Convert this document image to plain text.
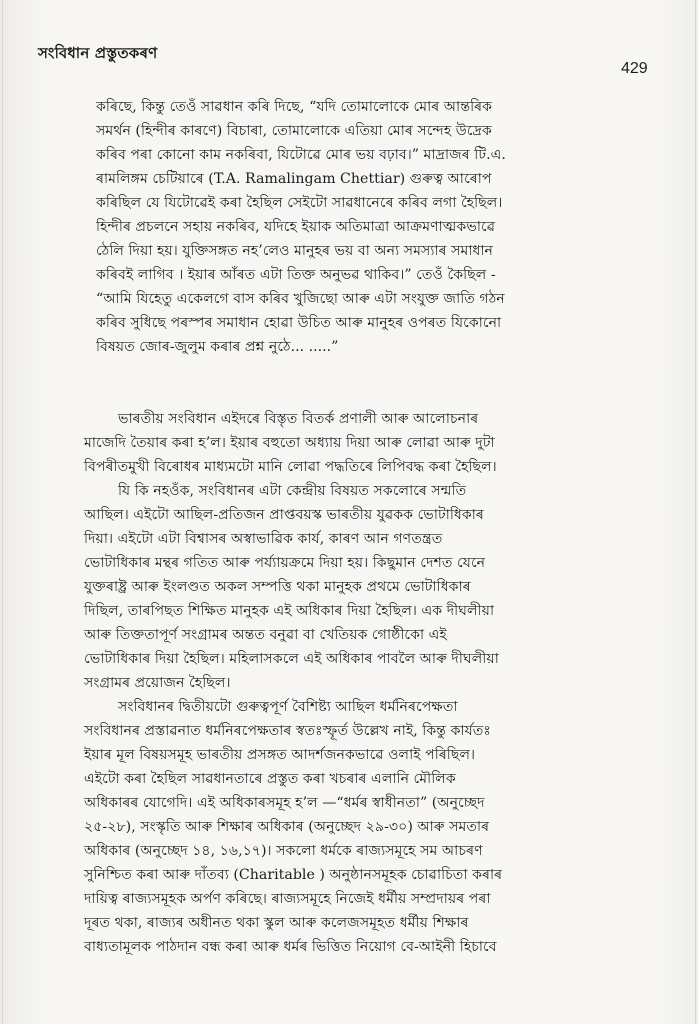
সংবিধান প্ৰস্তুতকৰণ
429
কৰিছে, কিন্তু তেওঁ সাৱধান কৰি দিছে, “যদি তোমালোকে মোৰ আন্তৰিক
সমৰ্থন (হিন্দীৰ কাৰণে) বিচাৰা, তোমালোকে এতিয়া মোৰ সন্দেহ উদ্ৰেক
কৰিব পৰা কোনো কাম নকৰিবা, যিটোৱে মোৰ ভয় বঢ়াব।” মাদ্ৰাজৰ টি.এ.
ৰামলিঙ্গম চেটিয়াৰে (T.A. Ramalingam Chettiar) গুৰুত্ব আৰোপ
কৰিছিল যে যিটোৱেই কৰা হৈছিল সেইটো সাৱধানেৰে কৰিব লগা হৈছিল।
হিন্দীৰ প্ৰচলনে সহায় নকৰিব, যদিহে ইয়াক অতিমাত্ৰা আক্ৰমণাত্মকভাৱে
ঠেলি দিয়া হয়। যুক্তিসঙ্গত নহ’লেও মানুহৰ ভয় বা অন্য সমস্যাৰ সমাধান
কৰিবই লাগিব । ইয়াৰ আঁৰত এটা তিক্ত অনুভৱ থাকিব।” তেওঁ কৈছিল -
“আমি যিহেতু একেলগে বাস কৰিব খুজিছো আৰু এটা সংযুক্ত জাতি গঠন
কৰিব সুধিছে পৰস্পৰ সমাধান হোৱা উচিত আৰু মানুহৰ ওপৰত যিকোনো
বিষয়ত জোৰ-জুলুম কৰাৰ প্ৰশ্ন নুঠে... .....”
ভাৰতীয় সংবিধান এইদৰে বিস্তৃত বিতৰ্ক প্ৰণালী আৰু আলোচনাৰ
মাজেদি তৈয়াৰ কৰা হ’ল। ইয়াৰ বহুতো অধ্যায় দিয়া আৰু লোৱা আৰু দুটা
বিপৰীতমুখী বিৰোধৰ মাধ্যমটো মানি লোৱা পদ্ধতিৰে লিপিবদ্ধ কৰা হৈছিল।
যি কি নহওঁক, সংবিধানৰ এটা কেন্দ্ৰীয় বিষয়ত সকলোৰে সন্মতি
আছিল। এইটো আছিল-প্ৰতিজন প্ৰাপ্তবয়স্ক ভাৰতীয় যুৱকক ভোটাধিকাৰ
দিয়া। এইটো এটা বিশ্বাসৰ অস্বাভাৱিক কাৰ্য, কাৰণ আন গণতন্ত্ৰত
ভোটাধিকাৰ মন্থৰ গতিত আৰু পৰ্য্যায়ক্ৰমে দিয়া হয়। কিছুমান দেশত যেনে
যুক্তৰাষ্ট্ৰ আৰু ইংলণ্ডত অকল সম্পত্তি থকা মানুহক প্ৰথমে ভোটাধিকাৰ
দিছিল, তাৰপিছত শিক্ষিত মানুহক এই অধিকাৰ দিয়া হৈছিল। এক দীঘলীয়া
আৰু তিক্ততাপূৰ্ণ সংগ্ৰামৰ অন্তত বনুৱা বা খেতিয়ক গোষ্ঠীকো এই
ভোটাধিকাৰ দিয়া হৈছিল। মহিলাসকলে এই অধিকাৰ পাবলৈ আৰু দীঘলীয়া
সংগ্ৰামৰ প্ৰয়োজন হৈছিল।
সংবিধানৰ দ্বিতীয়টো গুৰুত্বপূৰ্ণ বৈশিষ্ট্য আছিল ধৰ্মনিৰপেক্ষতা
সংবিধানৰ প্ৰস্তাৱনাত ধৰ্মনিৰপেক্ষতাৰ স্বতঃস্ফূৰ্ত উল্লেখ নাই, কিন্তু কাৰ্যতঃ
ইয়াৰ মূল বিষয়সমূহ ভাৰতীয় প্ৰসঙ্গত আদৰ্শজনকভাৱে ওলাই পৰিছিল।
এইটো কৰা হৈছিল সাৱধানতাৰে প্ৰস্তুত কৰা খচৰাৰ এলানি মৌলিক
অধিকাৰৰ যোগেদি। এই অধিকাৰসমূহ হ’ল —“ধৰ্মৰ স্বাধীনতা” (অনুচ্ছেদ
২৫-২৮), সংস্কৃতি আৰু শিক্ষাৰ অধিকাৰ (অনুচ্ছেদ ২৯-৩০) আৰু সমতাৰ
অধিকাৰ (অনুচ্ছেদ ১৪, ১৬,১৭)। সকলো ধৰ্মকে ৰাজ্যসমূহে সম আচৰণ
সুনিশ্চিত কৰা আৰু দাঁতব্য (Charitable ) অনুষ্ঠানসমূহক চোৱাচিতা কৰাৰ
দায়িত্ব ৰাজ্যসমূহক অৰ্পণ কৰিছে। ৰাজ্যসমূহে নিজেই ধৰ্মীয় সম্প্ৰদায়ৰ পৰা
দূৰত থকা, ৰাজ্যৰ অধীনত থকা স্কুল আৰু কলেজসমূহত ধৰ্মীয় শিক্ষাৰ
বাধ্যতামূলক পাঠদান বন্ধ কৰা আৰু ধৰ্মৰ ভিত্তিত নিয়োগ বে-আইনী হিচাবে
